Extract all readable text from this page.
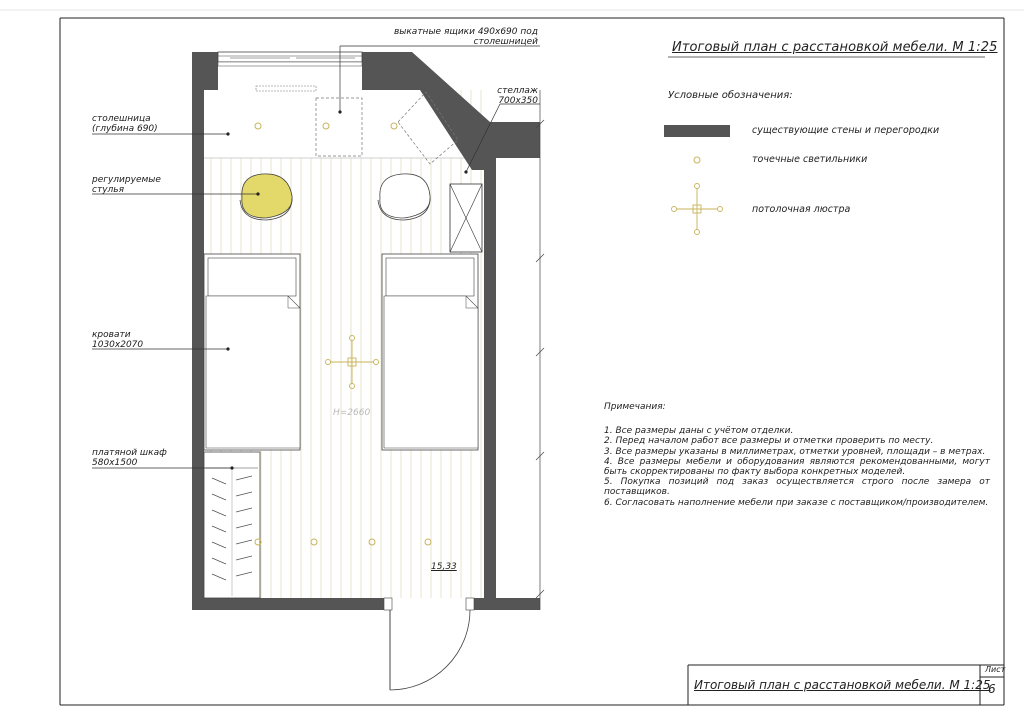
Итоговый план с расстановкой мебели. М 1:25
выкатные ящики 490х690 под
столешницей
стеллаж
700х350
столешница
(глубина 690)
регулируемые
стулья
кровати
1030х2070
платяной шкаф
580х1500
H=2660
15,33
Условные обозначения:
существующие стены и перегородки
точечные светильники
потолочная люстра
Примечания:
1. Все размеры даны с учётом отделки.
2. Перед началом работ все размеры и отметки проверить по месту.
3. Все размеры указаны в миллиметрах, отметки уровней, площади – в метрах.
4. Все размеры мебели и оборудования являются рекомендованными, могут быть скорректированы по факту выбора конкретных моделей.
5. Покупка позиций под заказ осуществляется строго после замера от поставщиков.
6. Согласовать наполнение мебели при заказе с поставщиком/производителем.
Итоговый план с расстановкой мебели. М 1:25
Лист
6
